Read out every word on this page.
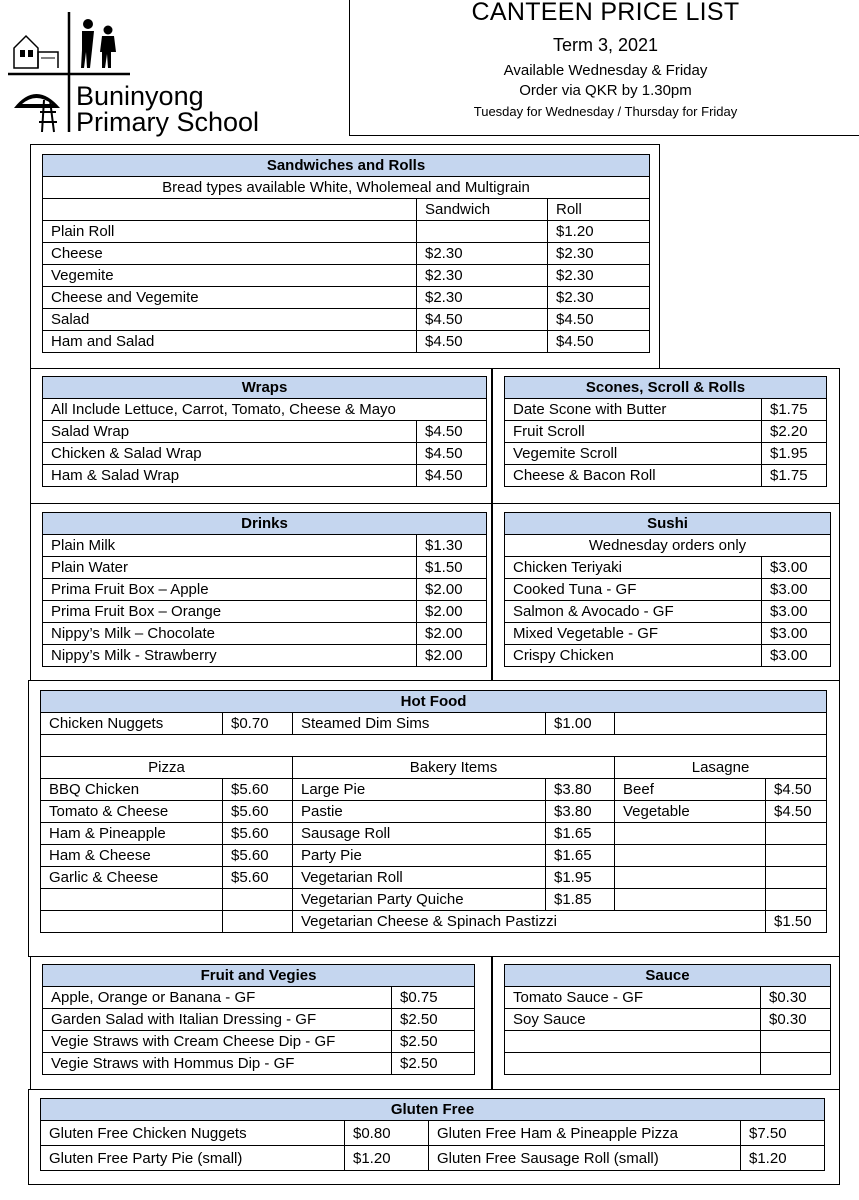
Buninyong
Primary School
CANTEEN PRICE LIST
Term 3, 2021
Available Wednesday & Friday
Order via QKR by 1.30pm
Tuesday for Wednesday / Thursday for Friday
Sandwiches and Rolls		
Bread types available White, Wholemeal and Multigrain		
	Sandwich	Roll
Plain Roll		$1.20
Cheese	$2.30	$2.30
Vegemite	$2.30	$2.30
Cheese and Vegemite	$2.30	$2.30
Salad	$4.50	$4.50
Ham and Salad	$4.50	$4.50
Wraps	
All Include Lettuce, Carrot, Tomato, Cheese & Mayo	
Salad Wrap	$4.50
Chicken & Salad Wrap	$4.50
Ham & Salad Wrap	$4.50
Scones, Scroll & Rolls	
Date Scone with Butter	$1.75
Fruit Scroll	$2.20
Vegemite Scroll	$1.95
Cheese & Bacon Roll	$1.75
Drinks	
Plain Milk	$1.30
Plain Water	$1.50
Prima Fruit Box – Apple	$2.00
Prima Fruit Box – Orange	$2.00
Nippy’s Milk – Chocolate	$2.00
Nippy’s Milk - Strawberry	$2.00
Sushi	
Wednesday orders only	
Chicken Teriyaki	$3.00
Cooked Tuna - GF	$3.00
Salmon & Avocado - GF	$3.00
Mixed Vegetable - GF	$3.00
Crispy Chicken	$3.00
Hot Food					
Chicken Nuggets	$0.70	Steamed Dim Sims	$1.00		

Pizza		Bakery Items		Lasagne	
BBQ Chicken	$5.60	Large Pie	$3.80	Beef	$4.50
Tomato & Cheese	$5.60	Pastie	$3.80	Vegetable	$4.50
Ham & Pineapple	$5.60	Sausage Roll	$1.65		
Ham & Cheese	$5.60	Party Pie	$1.65		
Garlic & Cheese	$5.60	Vegetarian Roll	$1.95		
		Vegetarian Party Quiche	$1.85		
		Vegetarian Cheese & Spinach Pastizzi			$1.50
Fruit and Vegies	
Apple, Orange or Banana - GF	$0.75
Garden Salad with Italian Dressing - GF	$2.50
Vegie Straws with Cream Cheese Dip - GF	$2.50
Vegie Straws with Hommus Dip - GF	$2.50
Sauce	
Tomato Sauce - GF	$0.30
Soy Sauce	$0.30

Gluten Free			
Gluten Free Chicken Nuggets	$0.80	Gluten Free Ham & Pineapple Pizza	$7.50
Gluten Free Party Pie (small)	$1.20	Gluten Free Sausage Roll (small)	$1.20
